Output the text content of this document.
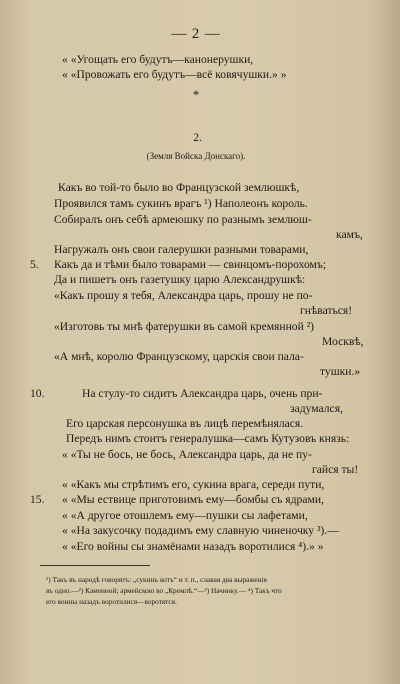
— 2 —
« «Угощать его будутъ—канонерушки,
« «Провожать его будутъ—всё ковячушки.» »
*
2.
(Земля Войска Донскаго).
Какъ во той-то было во Французской землюшкѣ,
Проявился тамъ сукинъ врагъ ¹) Наполеонъ король.
Собиралъ онъ себѣ армеюшку по разнымъ землюш-
камъ,
Нагружалъ онъ свои галерушки разными товарами,
5. Какъ да и тѣми было товарами — свинцомъ-порохомъ;
Да и пишетъ онъ газетушку царю Александрушкѣ:
«Какъ прошу я тебя, Александра царь, прошу не по-
гнѣваться!
«Изготовь ты мнѣ фатерушки въ самой кремянной ²)
Москвѣ,
«А мнѣ, королю Французскому, царскія свои пала-
тушки.»
10.	На стулу-то сидитъ Александра царь, очень при-
задумался,
Его царская персонушка въ лицѣ перемѣнялася.
Передъ нимъ стоитъ генералушка—самъ Кутузовъ князь:
« «Ты не бось, не бось, Александра царь, да не пу-
гайся ты!
« «Какъ мы стрѣтимъ его, сукина врага, середи пути,
15. « «Мы ествице приготовимъ ему—бомбы съ ядрами,
« «А другое отошлемъ ему—пушки сы лафетами,
« «На закусочку подадимъ ему славную чиненочку ³).—
« «Его войны сы знамёнами назадъ воротилися ⁴).» »
¹) Такъ въ народѣ говорятъ: „сукинъ котъ“ и т. п., славая два выраженія
въ одно.—²) Каменной; армейскою во „Кремлѣ.“—³) Начинку.— ⁴) Такъ что
его воины назадъ воротилися—воротятся.
